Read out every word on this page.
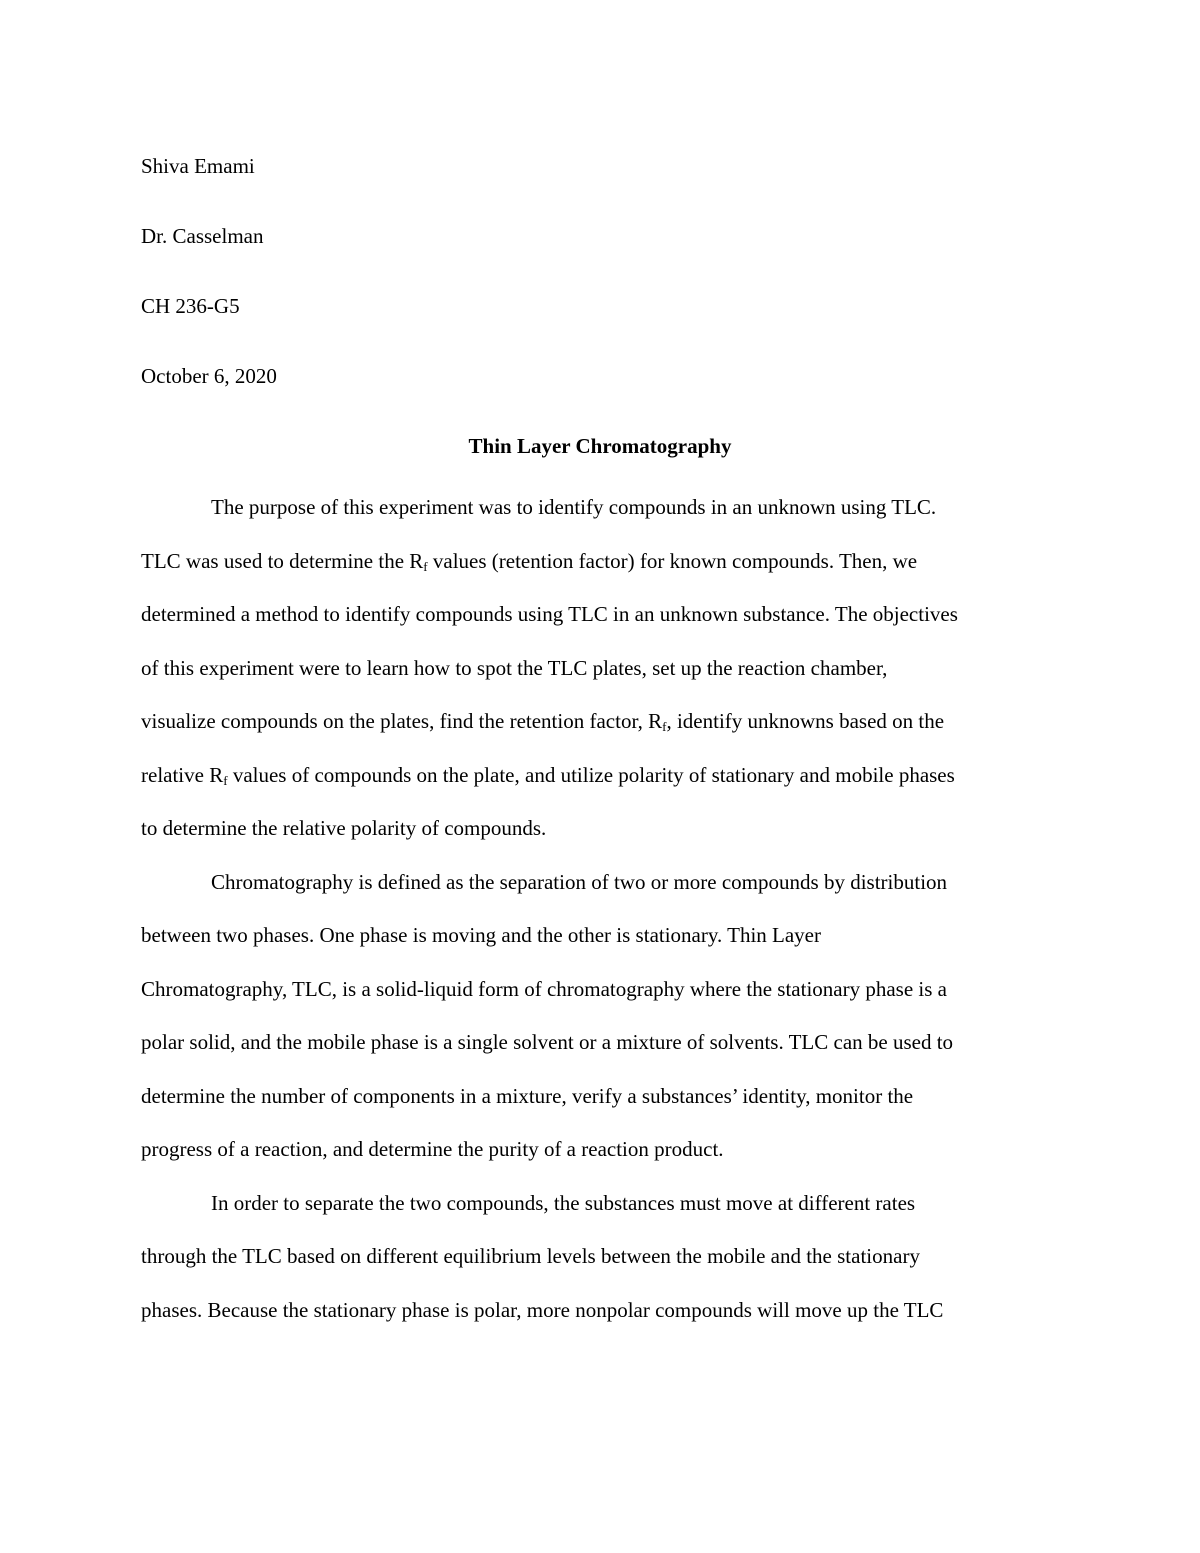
Shiva Emami
Dr. Casselman
CH 236-G5
October 6, 2020
Thin Layer Chromatography

The purpose of this experiment was to identify compounds in an unknown using TLC.
TLC was used to determine the $R_f$ values (retention factor) for known compounds. Then, we
determined a method to identify compounds using TLC in an unknown substance. The objectives
of this experiment were to learn how to spot the TLC plates, set up the reaction chamber,
visualize compounds on the plates, find the retention factor, $R_f$, identify unknowns based on the
relative $R_f$ values of compounds on the plate, and utilize polarity of stationary and mobile phases
to determine the relative polarity of compounds.

Chromatography is defined as the separation of two or more compounds by distribution
between two phases. One phase is moving and the other is stationary. Thin Layer
Chromatography, TLC, is a solid-liquid form of chromatography where the stationary phase is a
polar solid, and the mobile phase is a single solvent or a mixture of solvents. TLC can be used to
determine the number of components in a mixture, verify a substances’ identity, monitor the
progress of a reaction, and determine the purity of a reaction product.

In order to separate the two compounds, the substances must move at different rates
through the TLC based on different equilibrium levels between the mobile and the stationary
phases. Because the stationary phase is polar, more nonpolar compounds will move up the TLC
